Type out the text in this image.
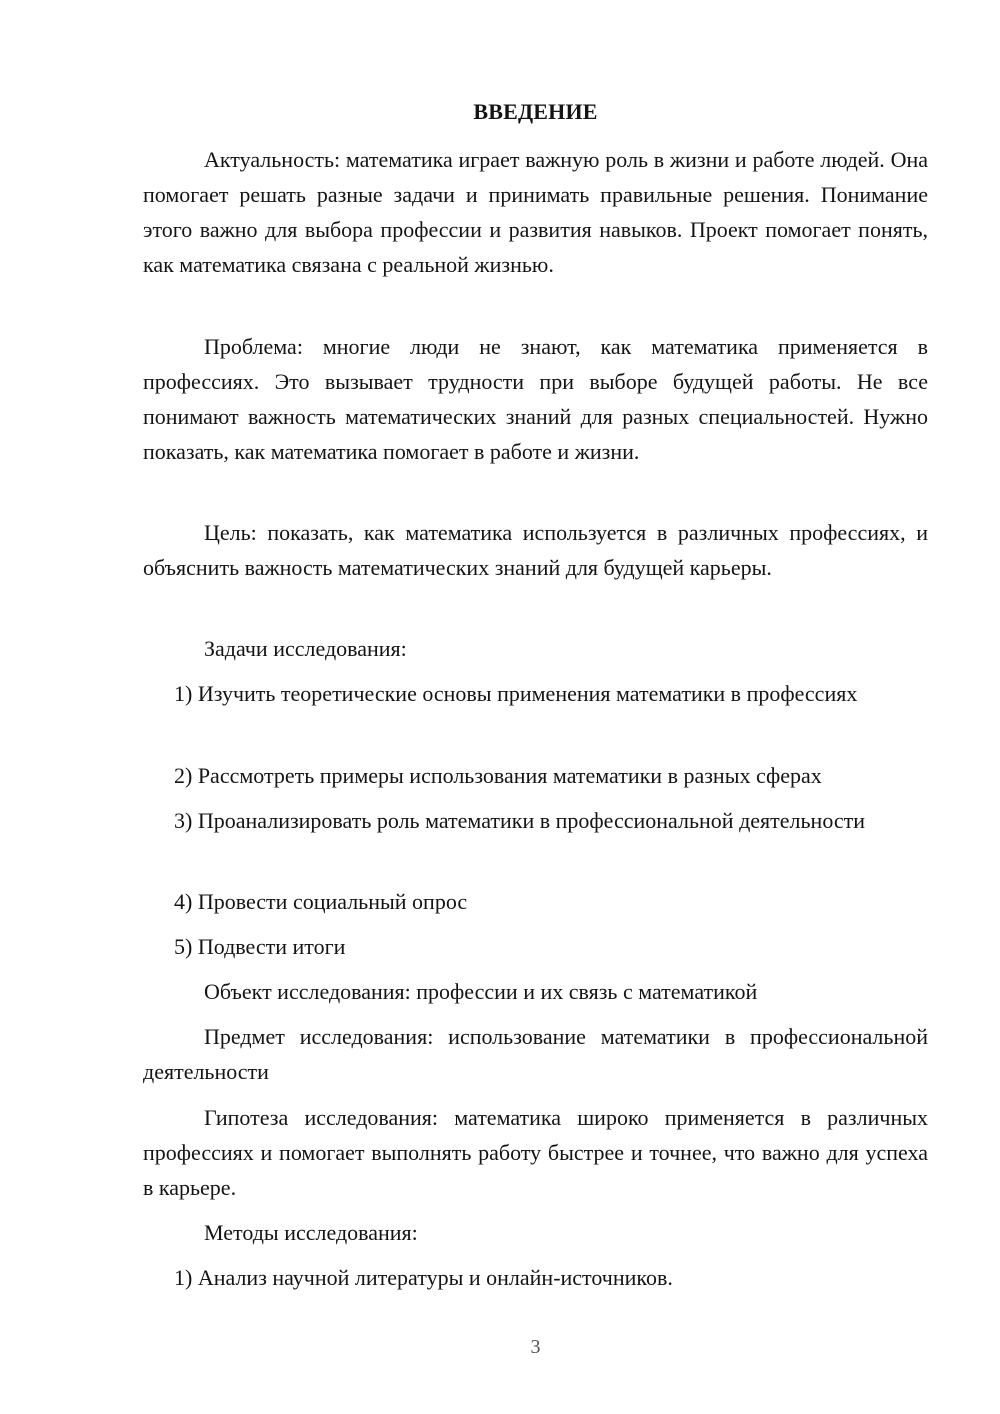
ВВЕДЕНИЕ
Актуальность: математика играет важную роль в жизни и работе людей. Она помогает решать разные задачи и принимать правильные решения. Понимание этого важно для выбора профессии и развития навыков. Проект помогает понять, как математика связана с реальной жизнью.
Проблема: многие люди не знают, как математика применяется в профессиях. Это вызывает трудности при выборе будущей работы. Не все понимают важность математических знаний для разных специальностей. Нужно показать, как математика помогает в работе и жизни.
Цель: показать, как математика используется в различных профессиях, и объяснить важность математических знаний для будущей карьеры.
Задачи исследования:
1) Изучить теоретические основы применения математики в профессиях
2) Рассмотреть примеры использования математики в разных сферах
3) Проанализировать роль математики в профессиональной деятельности
4) Провести социальный опрос
5) Подвести итоги
Объект исследования: профессии и их связь с математикой
Предмет исследования: использование математики в профессиональной деятельности
Гипотеза исследования: математика широко применяется в различных профессиях и помогает выполнять работу быстрее и точнее, что важно для успеха в карьере.
Методы исследования:
1) Анализ научной литературы и онлайн-источников.
3
